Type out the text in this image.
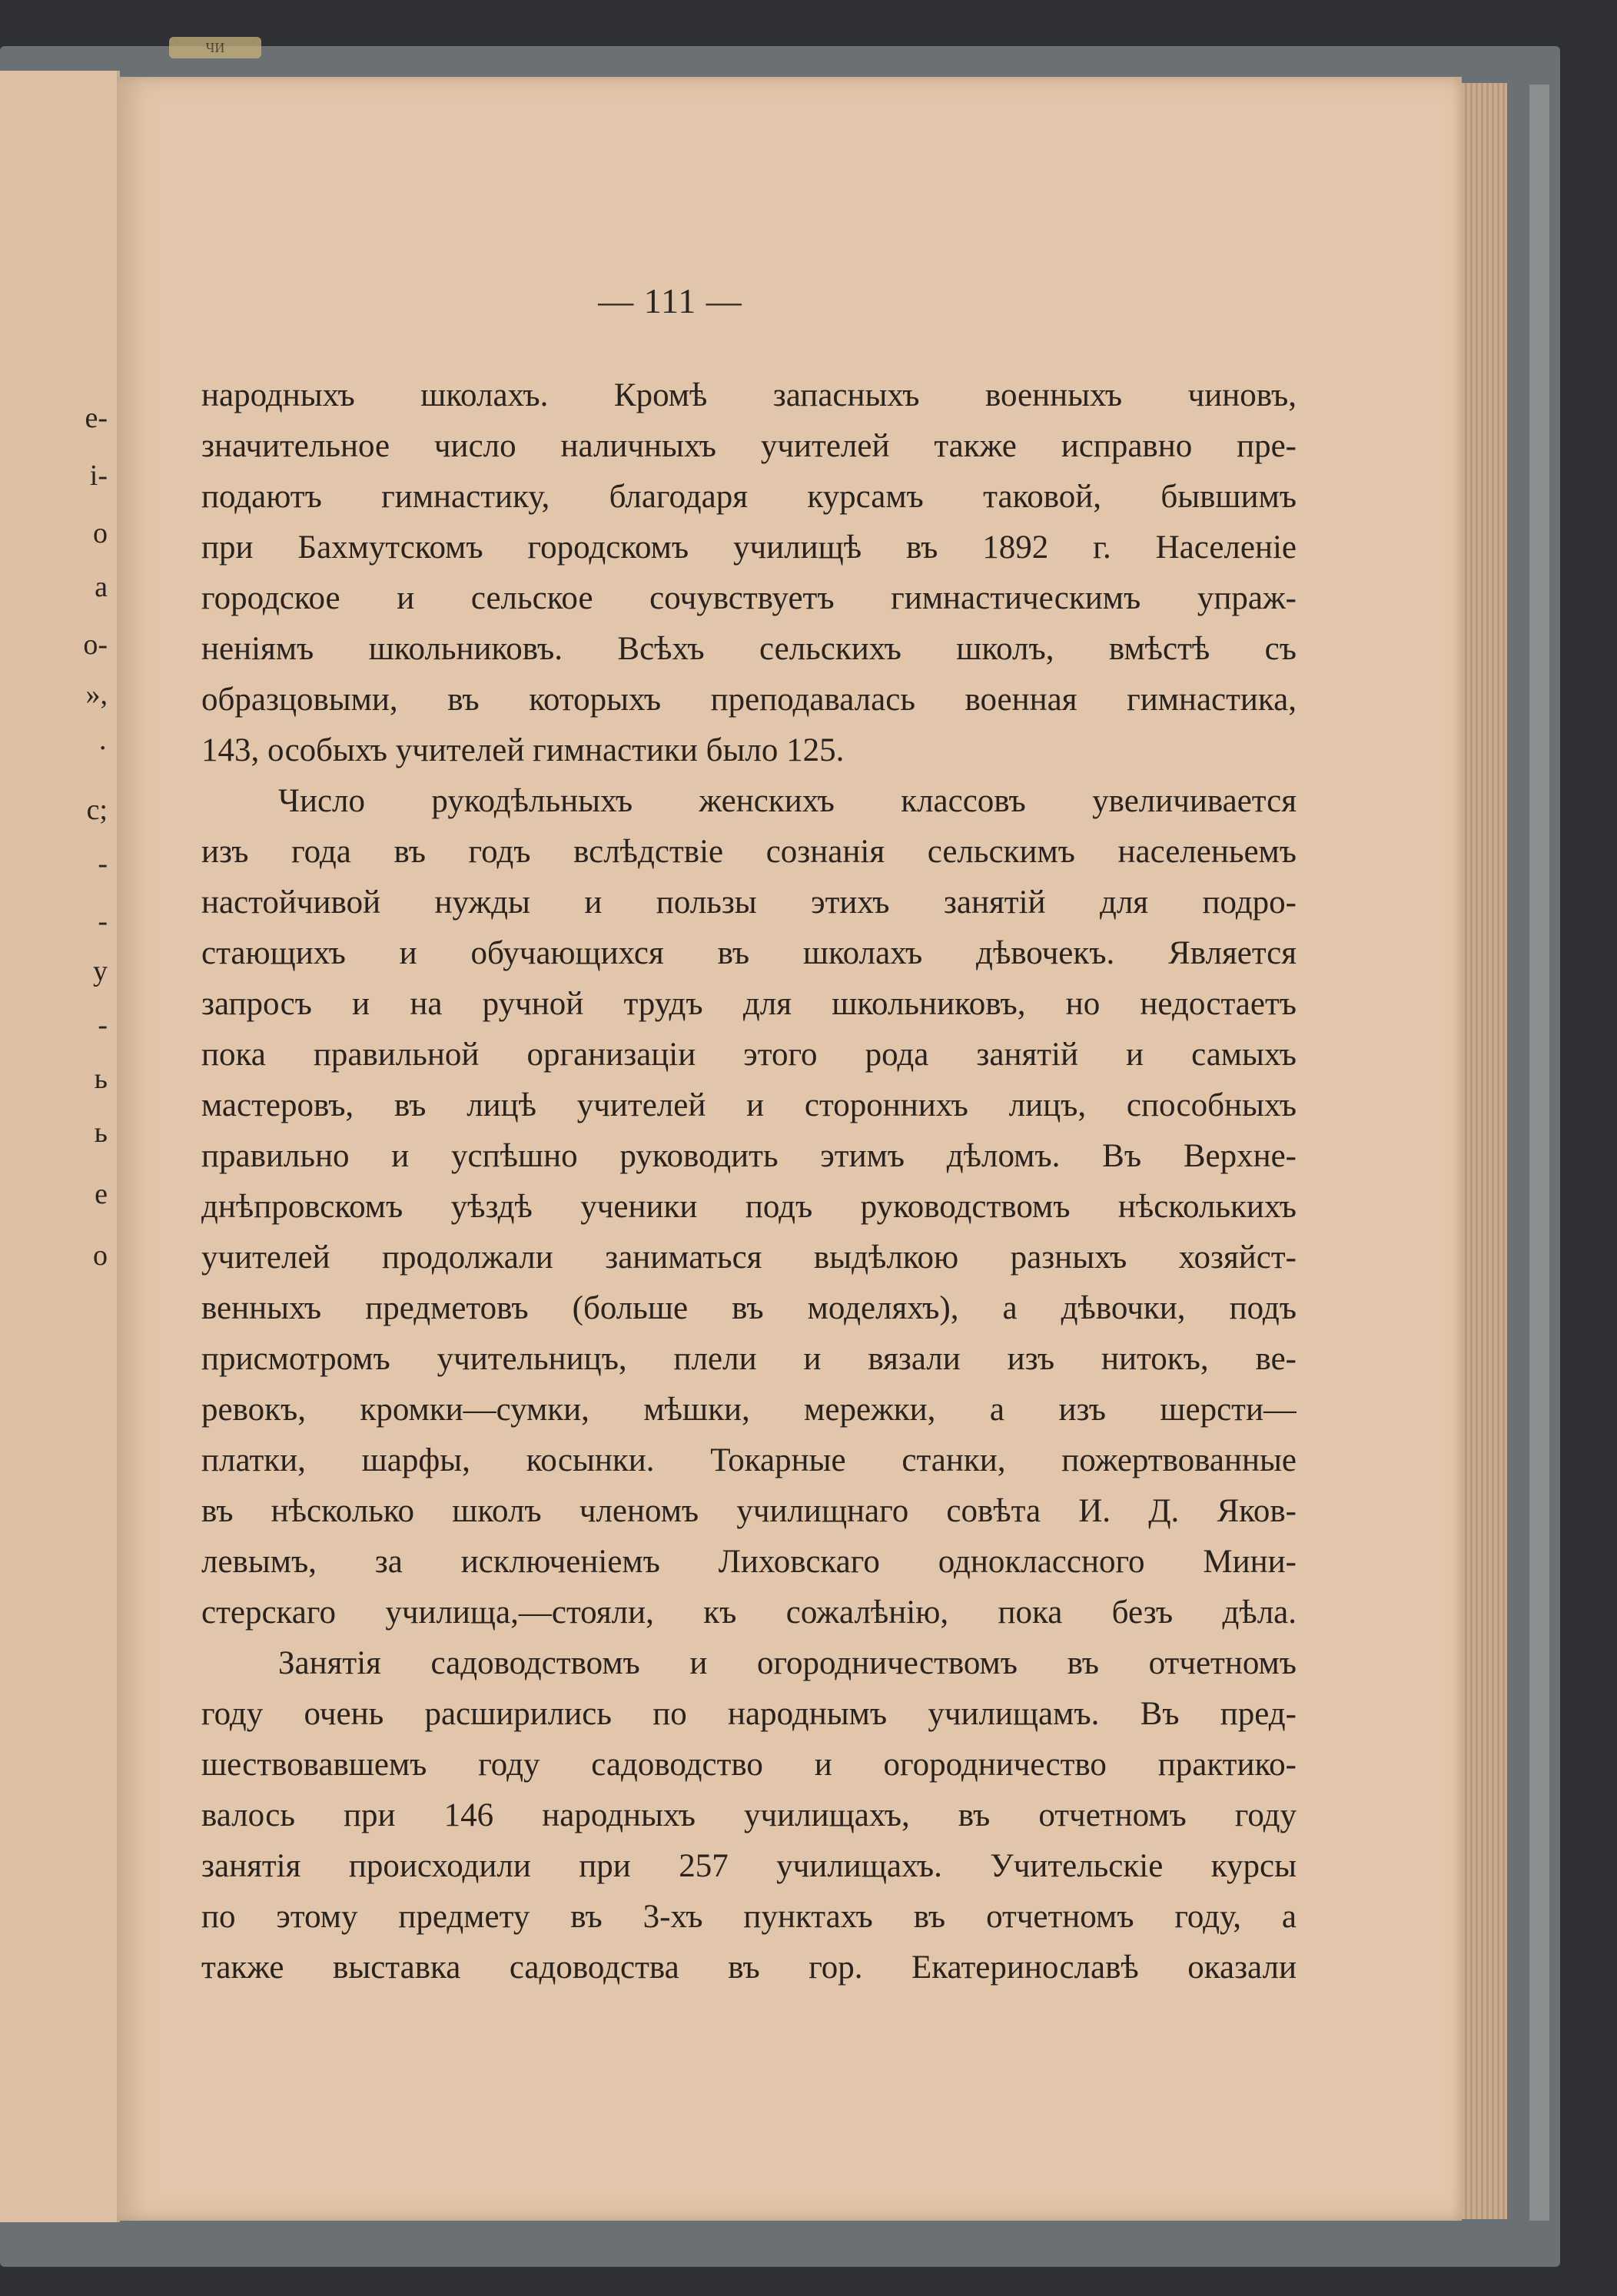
ЧИ
е-
i-
о
а
о-
»,
·
с;
-
-
у
-
ь
ь
е
о
— 111 —
народныхъ школахъ. Кромѣ запасныхъ военныхъ чиновъ,
значительное число наличныхъ учителей также исправно пре-
подаютъ гимнастику, благодаря курсамъ таковой, бывшимъ
при Бахмутскомъ городскомъ училищѣ въ 1892 г. Населеніе
городское и сельское сочувствуетъ гимнастическимъ упраж-
неніямъ школьниковъ. Всѣхъ сельскихъ школъ, вмѣстѣ съ
образцовыми, въ которыхъ преподавалась военная гимнастика,
143, особыхъ учителей гимнастики было 125.
Число рукодѣльныхъ женскихъ классовъ увеличивается
изъ года въ годъ вслѣдствіе сознанія сельскимъ населеньемъ
настойчивой нужды и пользы этихъ занятій для подро-
стающихъ и обучающихся въ школахъ дѣвочекъ. Является
запросъ и на ручной трудъ для школьниковъ, но недостаетъ
пока правильной организаціи этого рода занятій и самыхъ
мастеровъ, въ лицѣ учителей и стороннихъ лицъ, способныхъ
правильно и успѣшно руководить этимъ дѣломъ. Въ Верхне-
днѣпровскомъ уѣздѣ ученики подъ руководствомъ нѣсколькихъ
учителей продолжали заниматься выдѣлкою разныхъ хозяйст-
венныхъ предметовъ (больше въ моделяхъ), а дѣвочки, подъ
присмотромъ учительницъ, плели и вязали изъ нитокъ, ве-
ревокъ, кромки—сумки, мѣшки, мережки, а изъ шерсти—
платки, шарфы, косынки. Токарные станки, пожертвованные
въ нѣсколько школъ членомъ училищнаго совѣта И. Д. Яков-
левымъ, за исключеніемъ Лиховскаго одноклассного Мини-
стерскаго училища,—стояли, къ сожалѣнію, пока безъ дѣла.
Занятія садоводствомъ и огородничествомъ въ отчетномъ
году очень расширились по народнымъ училищамъ. Въ пред-
шествовавшемъ году садоводство и огородничество практико-
валось при 146 народныхъ училищахъ, въ отчетномъ году
занятія происходили при 257 училищахъ. Учительскіе курсы
по этому предмету въ 3-хъ пунктахъ въ отчетномъ году, а
также выставка садоводства въ гор. Екатеринославѣ оказали
